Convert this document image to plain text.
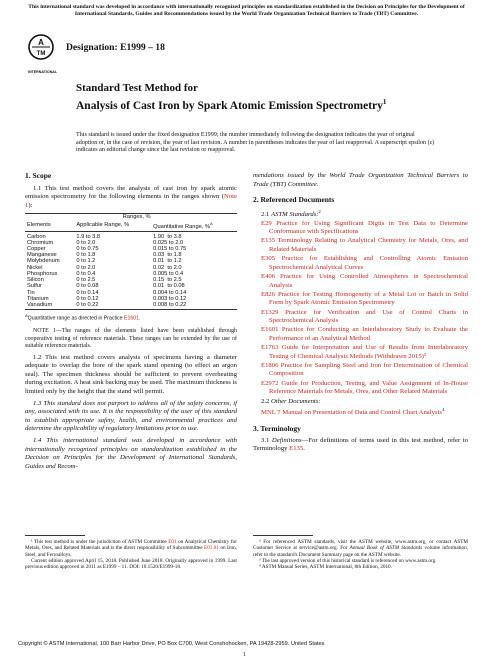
This international standard was developed in accordance with internationally recognized principles on standardization established in the Decision on Principles for the Development of International Standards, Guides and Recommendations issued by the World Trade Organization Technical Barriers to Trade (TBT) Committee.
A
TM
INTERNATIONAL
Designation: E1999 – 18
Standard Test Method for
Analysis of Cast Iron by Spark Atomic Emission Spectrometry$^1$
This standard is issued under the fixed designation E1999; the number immediately following the designation indicates the year of original adoption or, in the case of revision, the year of last revision. A number in parentheses indicates the year of last reapproval. A superscript epsilon (ε) indicates an editorial change since the last revision or reapproval.
1. Scope
1.1 This test method covers the analysis of cast iron by spark atomic emission spectrometry for the following elements in the ranges shown (Note 1):
	Ranges, %	
Elements	Applicable Range, %	Quantitative Range, %$^A$

Carbon	1.9 to 3.8	1.90  to 3.8
Chromium	0 to 2.0	0.025 to 2.0
Copper	0 to 0.75	0.015 to 0.75
Manganese	0 to 1.8	0.03  to 1.8
Molybdenum	0 to 1.2	0.01  to 1.2
Nickel	0 to 2.0	0.02  to 2.0
Phosphorus	0 to 0.4	0.005 to 0.4
Silicon	0 to 2.5	0.15  to 2.5
Sulfur	0 to 0.08	0.01  to 0.08
Tin	0 to 0.14	0.004 to 0.14
Titanium	0 to 0.12	0.003 to 0.12
Vanadium	0 to 0.22	0.008 to 0.22
$^A$Quantitative range as directed in Practice E1601.
NOTE 1—The ranges of the elements listed have been established through cooperative testing of reference materials. These ranges can be extended by the use of suitable reference materials.
1.2 This test method covers analysis of specimens having a diameter adequate to overlap the bore of the spark stand opening (to effect an argon seal). The specimen thickness should be sufficient to prevent overheating during excitation. A heat sink backing may be used. The maximum thickness is limited only by the height that the stand will permit.
1.3 This standard does not purport to address all of the safety concerns, if any, associated with its use. It is the responsibility of the user of this standard to establish appropriate safety, health, and environmental practices and determine the applicability of regulatory limitations prior to use.
1.4 This international standard was developed in accordance with internationally recognized principles on standardization established in the Decision on Principles for the Development of International Standards, Guides and Recom-
¹ This test method is under the jurisdiction of ASTM Committee E01 on Analytical Chemistry for Metals, Ores, and Related Materials and is the direct responsibility of Subcommittee E01.01 on Iron, Steel, and Ferroalloys.
Current edition approved April 15, 2018. Published June 2018. Originally approved in 1999. Last previous edition approved in 2011 as E1999 – 11. DOI: 10.1520/E1999-18.
mendations issued by the World Trade Organization Technical Barriers to Trade (TBT) Committee.
2. Referenced Documents
2.1 ASTM Standards:$^2$
E29 Practice for Using Significant Digits in Test Data to Determine Conformance with Specifications
E135 Terminology Relating to Analytical Chemistry for Metals, Ores, and Related Materials
E305 Practice for Establishing and Controlling Atomic Emission Spectrochemical Analytical Curves
E406 Practice for Using Controlled Atmospheres in Spectrochemical Analysis
E826 Practice for Testing Homogeneity of a Metal Lot or Batch in Solid Form by Spark Atomic Emission Spectrometry
E1329 Practice for Verification and Use of Control Charts in Spectrochemical Analysis
E1601 Practice for Conducting an Interlaboratory Study to Evaluate the Performance of an Analytical Method
E1763 Guide for Interpretation and Use of Results from Interlaboratory Testing of Chemical Analysis Methods (Withdrawn 2015)³
E1806 Practice for Sampling Steel and Iron for Determination of Chemical Composition
E2972 Guide for Production, Testing, and Value Assignment of In-House Reference Materials for Metals, Ores, and Other Related Materials
2.2 Other Documents:
MNL 7 Manual on Presentation of Data and Control Chart Analysis$^4$
3. Terminology
3.1 Definitions—For definitions of terms used in this test method, refer to Terminology E135.
² For referenced ASTM standards, visit the ASTM website, www.astm.org, or contact ASTM Customer Service at service@astm.org. For Annual Book of ASTM Standards volume information, refer to the standard's Document Summary page on the ASTM website.
³ The last approved version of this historical standard is referenced on www.astm.org.
⁴ ASTM Manual Series, ASTM International, 8th Edition, 2010.
Copyright © ASTM International, 100 Barr Harbor Drive, PO Box C700, West Conshohocken, PA 19428-2959. United States
1
